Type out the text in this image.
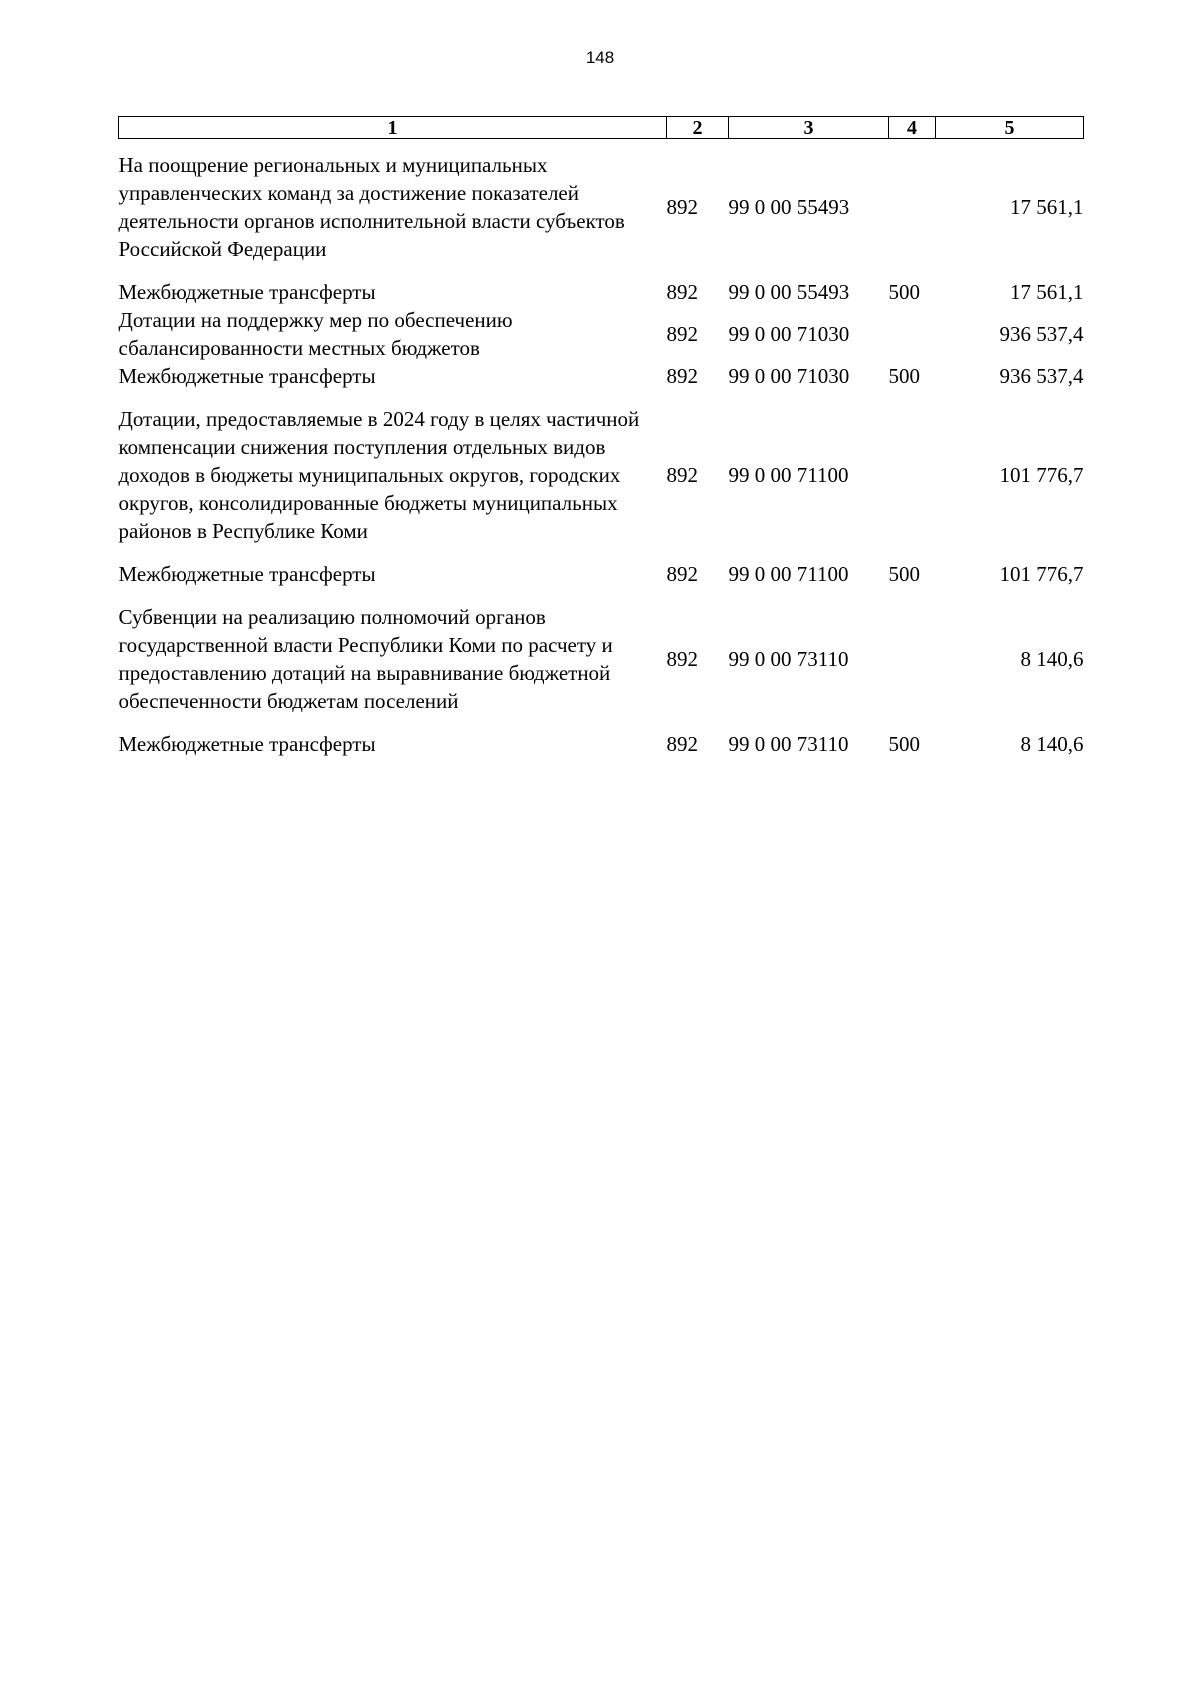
148
1	2	3	4	5

На поощрение региональных и муниципальных управленческих команд за достижение показателей деятельности органов исполнительной власти субъектов Российской Федерации	892	99 0 00 55493		17 561,1

Межбюджетные трансферты	892	99 0 00 55493	500	17 561,1
Дотации на поддержку мер по обеспечению сбалансированности местных бюджетов	892	99 0 00 71030		936 537,4
Межбюджетные трансферты	892	99 0 00 71030	500	936 537,4

Дотации, предоставляемые в 2024 году в целях частичной компенсации снижения поступления отдельных видов доходов в бюджеты муниципальных округов, городских округов, консолидированные бюджеты муниципальных районов в Республике Коми	892	99 0 00 71100		101 776,7

Межбюджетные трансферты	892	99 0 00 71100	500	101 776,7

Субвенции на реализацию полномочий органов государственной власти Республики Коми по расчету и предоставлению дотаций на выравнивание бюджетной обеспеченности бюджетам поселений	892	99 0 00 73110		8 140,6

Межбюджетные трансферты	892	99 0 00 73110	500	8 140,6
